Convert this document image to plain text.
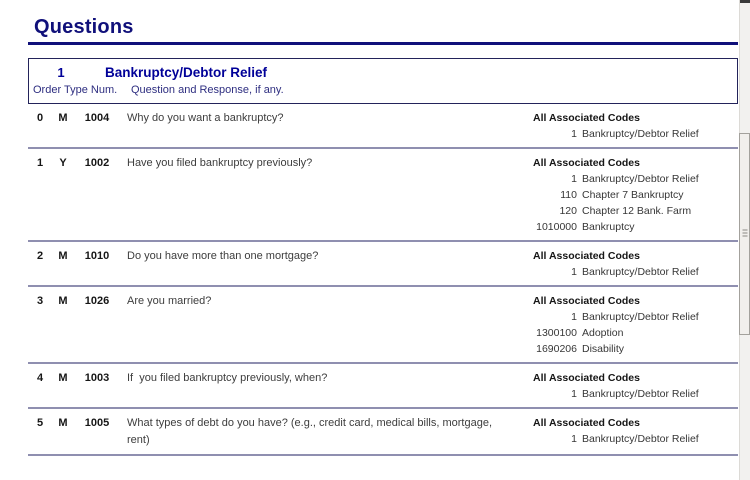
Questions
1	Bankruptcy/Debtor Relief
Order Type Num. Question and Response, if any.
0	M	1004	Why do you want a bankruptcy?	All Associated Codes
1 Bankruptcy/Debtor Relief
1	Y	1002	Have you filed bankruptcy previously?	All Associated Codes
1 Bankruptcy/Debtor Relief
110 Chapter 7 Bankruptcy
120 Chapter 12 Bank. Farm
1010000 Bankruptcy
2	M	1010	Do you have more than one mortgage?	All Associated Codes
1 Bankruptcy/Debtor Relief
3	M	1026	Are you married?	All Associated Codes
1 Bankruptcy/Debtor Relief
1300100 Adoption
1690206 Disability
4	M	1003	If  you filed bankruptcy previously, when?	All Associated Codes
1 Bankruptcy/Debtor Relief
5	M	1005	What types of debt do you have? (e.g., credit card, medical bills, mortgage, rent)
All Associated Codes
1 Bankruptcy/Debtor Relief
